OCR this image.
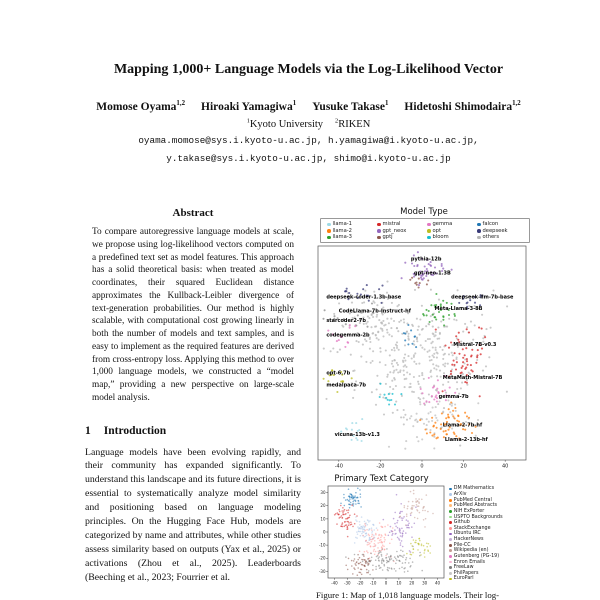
Mapping 1,000+ Language Models via the Log-Likelihood Vector
Momose Oyama$^{1,2}$ Hiroaki Yamagiwa$^1$ Yusuke Takase$^1$ Hidetoshi Shimodaira$^{1,2}$
$^1$Kyoto University $^2$RIKEN
oyama.momose@sys.i.kyoto-u.ac.jp, h.yamagiwa@i.kyoto-u.ac.jp,
y.takase@sys.i.kyoto-u.ac.jp, shimo@i.kyoto-u.ac.jp
Abstract

To compare autoregressive language models at scale, we propose using log-likelihood vectors computed on a predefined text set as model features. This approach has a solid theoretical basis: when treated as model coordinates, their squared Euclidean distance approximates the Kullback-Leibler divergence of text-generation probabilities. Our method is highly scalable, with computational cost growing linearly in both the number of models and text samples, and is easy to implement as the required features are derived from cross-entropy loss. Applying this method to over 1,000 language models, we constructed a “model map,” providing a new perspective on large-scale model analysis.

1 Introduction

Language models have been evolving rapidly, and their community has expanded significantly. To understand this landscape and its future directions, it is essential to systematically analyze model similarity and positioning based on language modeling principles. On the Hugging Face Hub, models are categorized by name and attributes, while other studies assess similarity based on outputs (Yax et al., 2025) or activations (Zhou et al., 2025). Leaderboards (Beeching et al., 2023; Fourrier et al.

Model Type
llama-1
llama-2
llama-3
mistral
gpt_neox
gptj
gemma
opt
bloom
falcon
deepseek
others
-40	-20	0	20	40
pythia-12b
gpt-neo-1.3B
deepseek-coder-1.3b-base	deepseek-llm-7b-base
CodeLlama-7b-Instruct-hf	Meta-Llama-3-8B
starcoder2-7b
codegemma-2b
Mistral-7B-v0.3
opt-6.7b
medalpaca-7b
MetaMath-Mistral-7B
gemma-7b
vicuna-13b-v1.3
Llama-2-7b-hf
Llama-2-13b-hf
Primary Text Category
-40 -30 -20 -10 0 10 20 30 40
-30
-20
-10
0
10
20
30
DM Mathematics
ArXiv
PubMed Central
PubMed Abstracts
NIH ExPorter
USPTO Backgrounds
Github
StackExchange
Ubuntu IRC
HackerNews
Pile-CC
Wikipedia (en)
Gutenberg (PG-19)
Enron Emails
FreeLaw
PhilPapers
EuroParl
Figure 1: Map of 1,018 language models. Their log-
